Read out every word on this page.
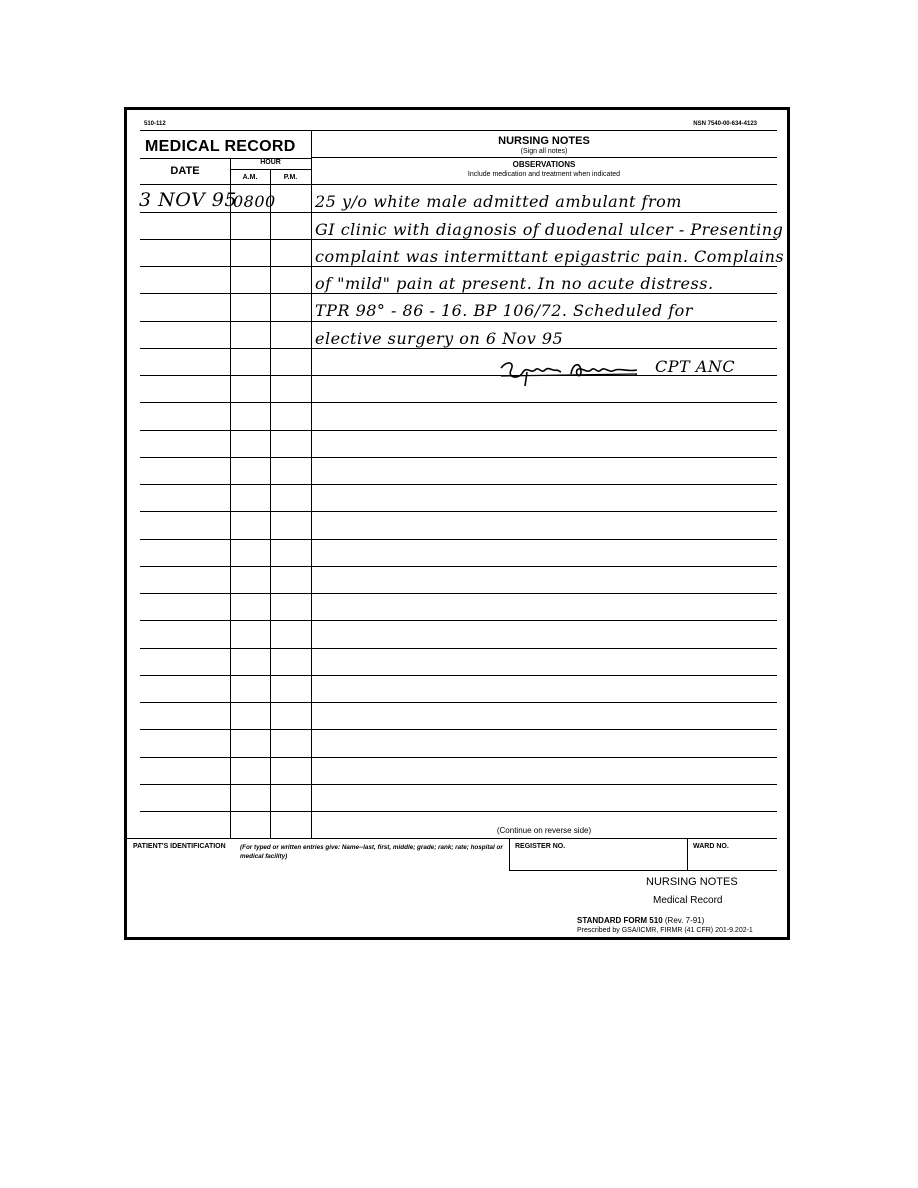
510-112	NSN 7540-00-634-4123
MEDICAL RECORD	NURSING NOTES
(Sign all notes)
DATE
HOUR
A.M.	P.M.
OBSERVATIONS
Include medication and treatment when indicated
3 NOV 95
0800 25 y/o white male admitted ambulant from
GI clinic with diagnosis of duodenal ulcer - Presenting
complaint was intermittant epigastric pain. Complains
of "mild" pain at present. In no acute distress.
TPR 98° - 86 - 16. BP 106/72. Scheduled for
elective surgery on 6 Nov 95
CPT ANC
(Continue on reverse side)
PATIENT'S IDENTIFICATION (For typed or written entries give: Name--last, first, middle; grade; rank; rate; hospital or medical facility)
REGISTER NO.	WARD NO.
NURSING NOTES
Medical Record
STANDARD FORM 510 (Rev. 7-91)
Prescribed by GSA/ICMR, FIRMR (41 CFR) 201-9.202-1
